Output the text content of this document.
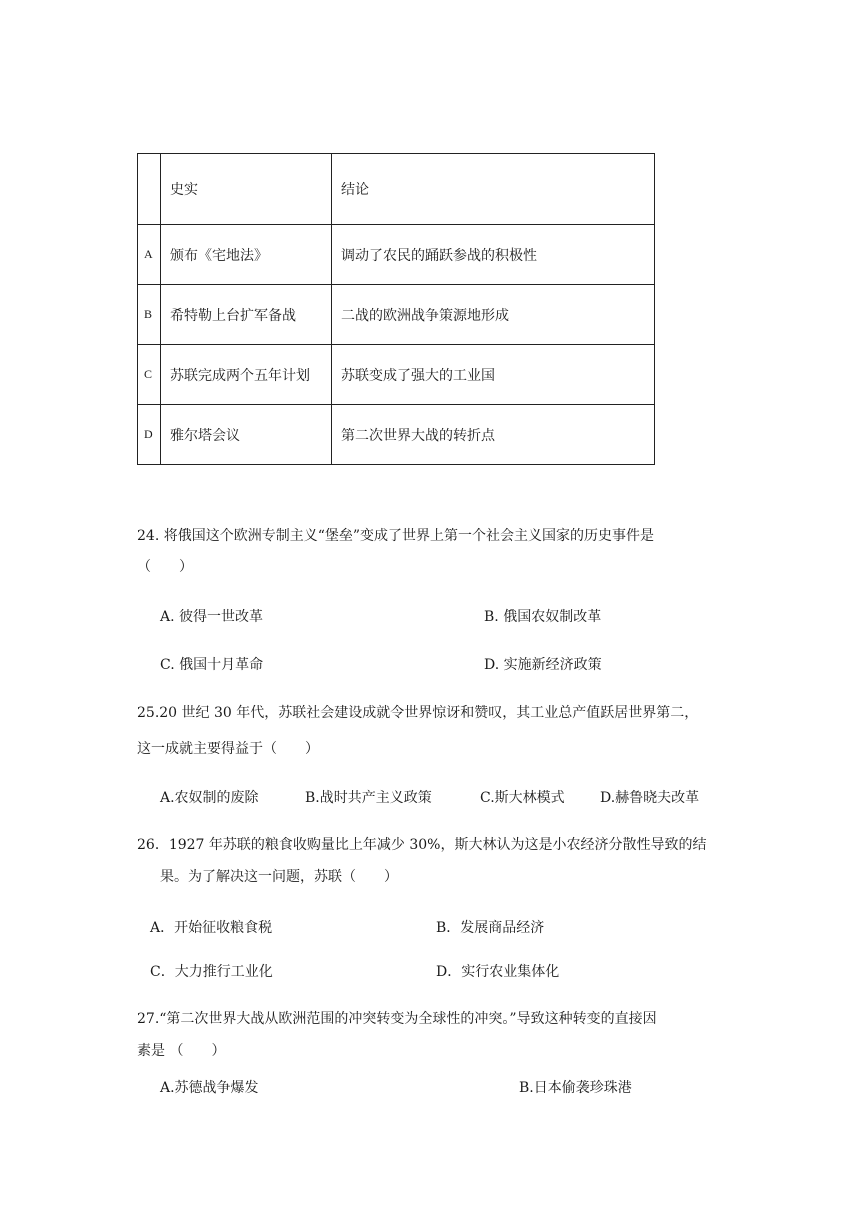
	史实	结论
A	颁布《宅地法》	调动了农民的踊跃参战的积极性
B	希特勒上台扩军备战	二战的欧洲战争策源地形成
C	苏联完成两个五年计划	苏联变成了强大的工业国
D	雅尔塔会议	第二次世界大战的转折点
24. 将俄国这个欧洲专制主义“堡垒”变成了世界上第一个社会主义国家的历史事件是
（　　）
A. 彼得一世改革	B. 俄国农奴制改革
C. 俄国十月革命	D. 实施新经济政策
25.20 世纪 30 年代，苏联社会建设成就令世界惊讶和赞叹，其工业总产值跃居世界第二，
这一成就主要得益于（　　）
A.农奴制的废除	B.战时共产主义政策	C.斯大林模式	D.赫鲁晓夫改革
26．1927 年苏联的粮食收购量比上年减少 30%，斯大林认为这是小农经济分散性导致的结
果。为了解决这一问题，苏联（　　）
A．开始征收粮食税	B．发展商品经济
C．大力推行工业化	D．实行农业集体化
27.“第二次世界大战从欧洲范围的冲突转变为全球性的冲突。”导致这种转变的直接因
素是 （　　）
A.苏德战争爆发	B.日本偷袭珍珠港
